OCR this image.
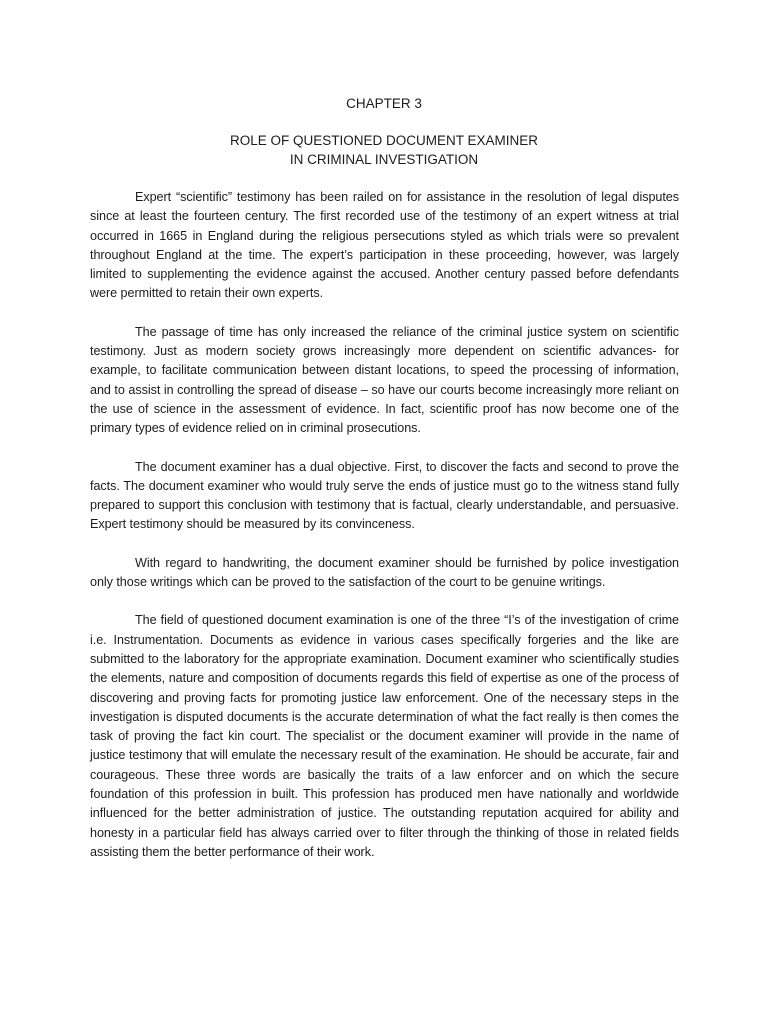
CHAPTER 3
ROLE OF QUESTIONED DOCUMENT EXAMINER
IN CRIMINAL INVESTIGATION

Expert “scientific” testimony has been railed on for assistance in the resolution of legal disputes since at least the fourteen century. The first recorded use of the testimony of an expert witness at trial occurred in 1665 in England during the religious persecutions styled as which trials were so prevalent throughout England at the time. The expert’s participation in these proceeding, however, was largely limited to supplementing the evidence against the accused. Another century passed before defendants were permitted to retain their own experts.

The passage of time has only increased the reliance of the criminal justice system on scientific testimony. Just as modern society grows increasingly more dependent on scientific advances- for example, to facilitate communication between distant locations, to speed the processing of information, and to assist in controlling the spread of disease – so have our courts become increasingly more reliant on the use of science in the assessment of evidence. In fact, scientific proof has now become one of the primary types of evidence relied on in criminal prosecutions.

The document examiner has a dual objective. First, to discover the facts and second to prove the facts. The document examiner who would truly serve the ends of justice must go to the witness stand fully prepared to support this conclusion with testimony that is factual, clearly understandable, and persuasive. Expert testimony should be measured by its convinceness.

With regard to handwriting, the document examiner should be furnished by police investigation only those writings which can be proved to the satisfaction of the court to be genuine writings.

The field of questioned document examination is one of the three “I’s of the investigation of crime i.e. Instrumentation. Documents as evidence in various cases specifically forgeries and the like are submitted to the laboratory for the appropriate examination. Document examiner who scientifically studies the elements, nature and composition of documents regards this field of expertise as one of the process of discovering and proving facts for promoting justice law enforcement. One of the necessary steps in the investigation is disputed documents is the accurate determination of what the fact really is then comes the task of proving the fact kin court. The specialist or the document examiner will provide in the name of justice testimony that will emulate the necessary result of the examination. He should be accurate, fair and courageous. These three words are basically the traits of a law enforcer and on which the secure foundation of this profession in built. This profession has produced men have nationally and worldwide influenced for the better administration of justice. The outstanding reputation acquired for ability and honesty in a particular field has always carried over to filter through the thinking of those in related fields assisting them the better performance of their work.
